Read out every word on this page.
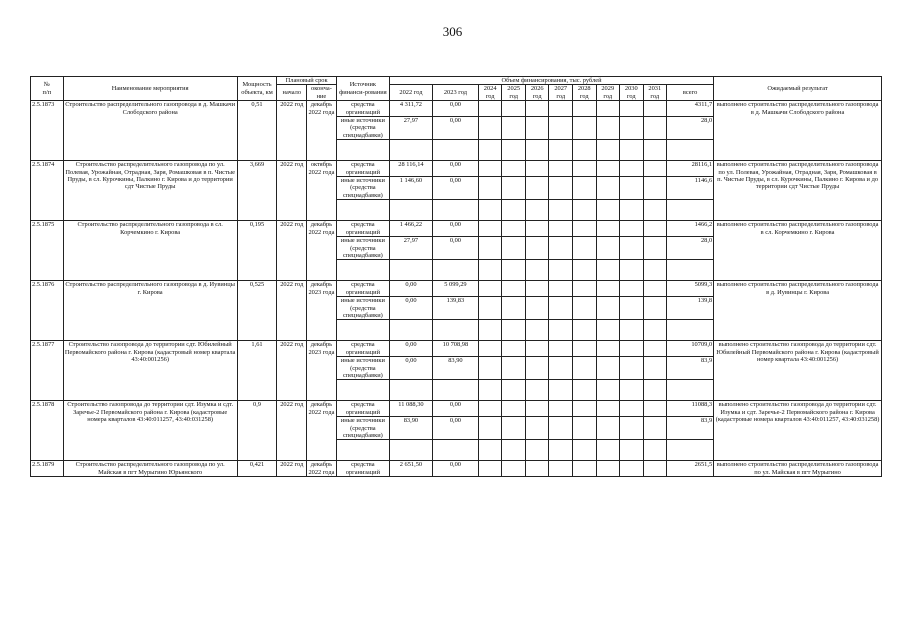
306
№
п/п	Наименование мероприятия	Мощность объекта, км	Плановый срок		Источник финанси-рования	Объем финансирования, тыс. рублей											Ожидаемый результат
			начало	оконча-ние		2022 год	2023 год	2024 год	2025 год	2026 год	2027 год	2028 год	2029 год	2030 год	2031 год	всего	
2.5.1873	Строительство распределительного газопровода в д. Машкачи Слободского района	0,51	2022 год	декабрь 2022 года	средства организаций	4 311,72	0,00									4311,7	выполнено строительство распределительного газопровода в д. Машкачи Слободского района
					иные источники (средства спецнадбавки)	27,97	0,00									28,0	

2.5.1874	Строительство распределительного газопровода по ул. Полевая, Урожайная, Отрадная, Заря, Ромашковая в п. Чистые Пруды, в сл. Курочкины, Палкино г. Кирова и до территории сдт Чистые Пруды	3,669	2022 год	октябрь 2022 года	средства организаций	28 116,14	0,00									28116,1	выполнено строительство распределительного газопровода по ул. Полевая, Урожайная, Отрадная, Заря, Ромашковая в п. Чистые Пруды, в сл. Курочкины, Палкино г. Кирова и до территории сдт Чистые Пруды
					иные источники (средства спецнадбавки)	1 146,60	0,00									1146,6	

2.5.1875	Строительство распределительного газопровода в сл. Корчемкино г. Кирова	0,195	2022 год	декабрь 2022 года	средства организаций	1 466,22	0,00									1466,2	выполнено строительство распределительного газопровода в сл. Корчемкино г. Кирова
					иные источники (средства спецнадбавки)	27,97	0,00									28,0	

2.5.1876	Строительство распределительного газопровода в д. Иувинцы г. Кирова	0,525	2022 год	декабрь 2023 года	средства организаций	0,00	5 099,29									5099,3	выполнено строительство распределительного газопровода в д. Иувинцы г. Кирова
					иные источники (средства спецнадбавки)	0,00	139,83									139,8	

2.5.1877	Строительство газопровода до территории сдт. Юбилейный Первомайского района г. Кирова (кадастровый номер квартала 43:40:001256)	1,61	2022 год	декабрь 2023 года	средства организаций	0,00	10 708,98									10709,0	выполнено строительство газопровода до территории сдт. Юбилейный Первомайского района г. Кирова (кадастровый номер квартала 43:40:001256)
					иные источники (средства спецнадбавки)	0,00	83,90									83,9	

2.5.1878	Строительство газопровода до территории сдт. Изумка и сдт. Заречье-2 Первомайского района г. Кирова (кадастровые номера кварталов 43:40:011257, 43:40:031258)	0,9	2022 год	декабрь 2022 года	средства организаций	11 088,30	0,00									11088,3	выполнено строительство газопровода до территории сдт. Изумка и сдт. Заречье-2 Первомайского района г. Кирова (кадастровые номера кварталов 43:40:011257, 43:40:031258)
					иные источники (средства спецнадбавки)	83,90	0,00									83,9	

2.5.1879	Строительство распределительного газопровода по ул. Майская в пгт Мурыгино Юрьянского	0,421	2022 год	декабрь 2022 года	средства организаций	2 651,50	0,00									2651,5	выполнено строительство распределительного газопровода по ул. Майская в пгт Мурыгино
